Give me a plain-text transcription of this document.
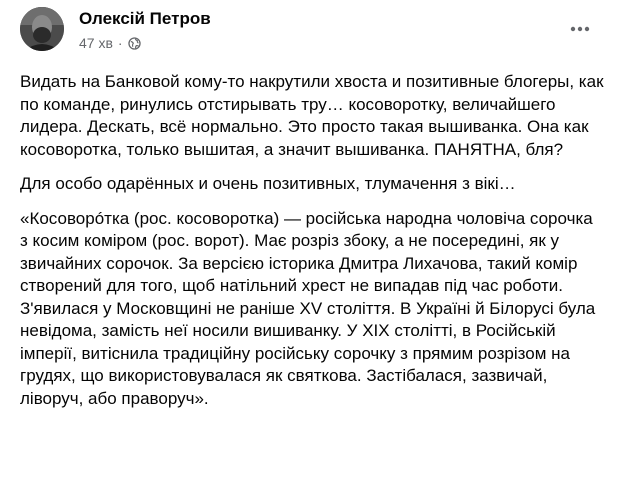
Олексій Петров
47 хв ·

Видать на Банковой кому-то накрутили хвоста и позитивные блогеры, как по команде, ринулись отстирывать тру… косоворотку, величайшего лидера. Дескать, всё нормально. Это просто такая вышиванка. Она как косоворотка, только вышитая, а значит вышиванка. ПАНЯТНА, бля?

Для особо одарённых и очень позитивных, тлумачення з вікі…

«Косоворóтка (рос. косоворотка) — російська народна чоловіча сорочка з косим коміром (рос. ворот). Має розріз збоку, а не посередині, як у звичайних сорочок. За версією історика Дмитра Лихачова, такий комір створений для того, щоб натільний хрест не випадав під час роботи. З'явилася у Московщині не раніше XV століття. В Україні й Білорусі була невідома, замість неї носили вишиванку. У XIX столітті, в Російській імперії, витіснила традиційну російську сорочку з прямим розрізом на грудях, що використовувалася як святкова. Застібалася, зазвичай, ліворуч, або праворуч».
